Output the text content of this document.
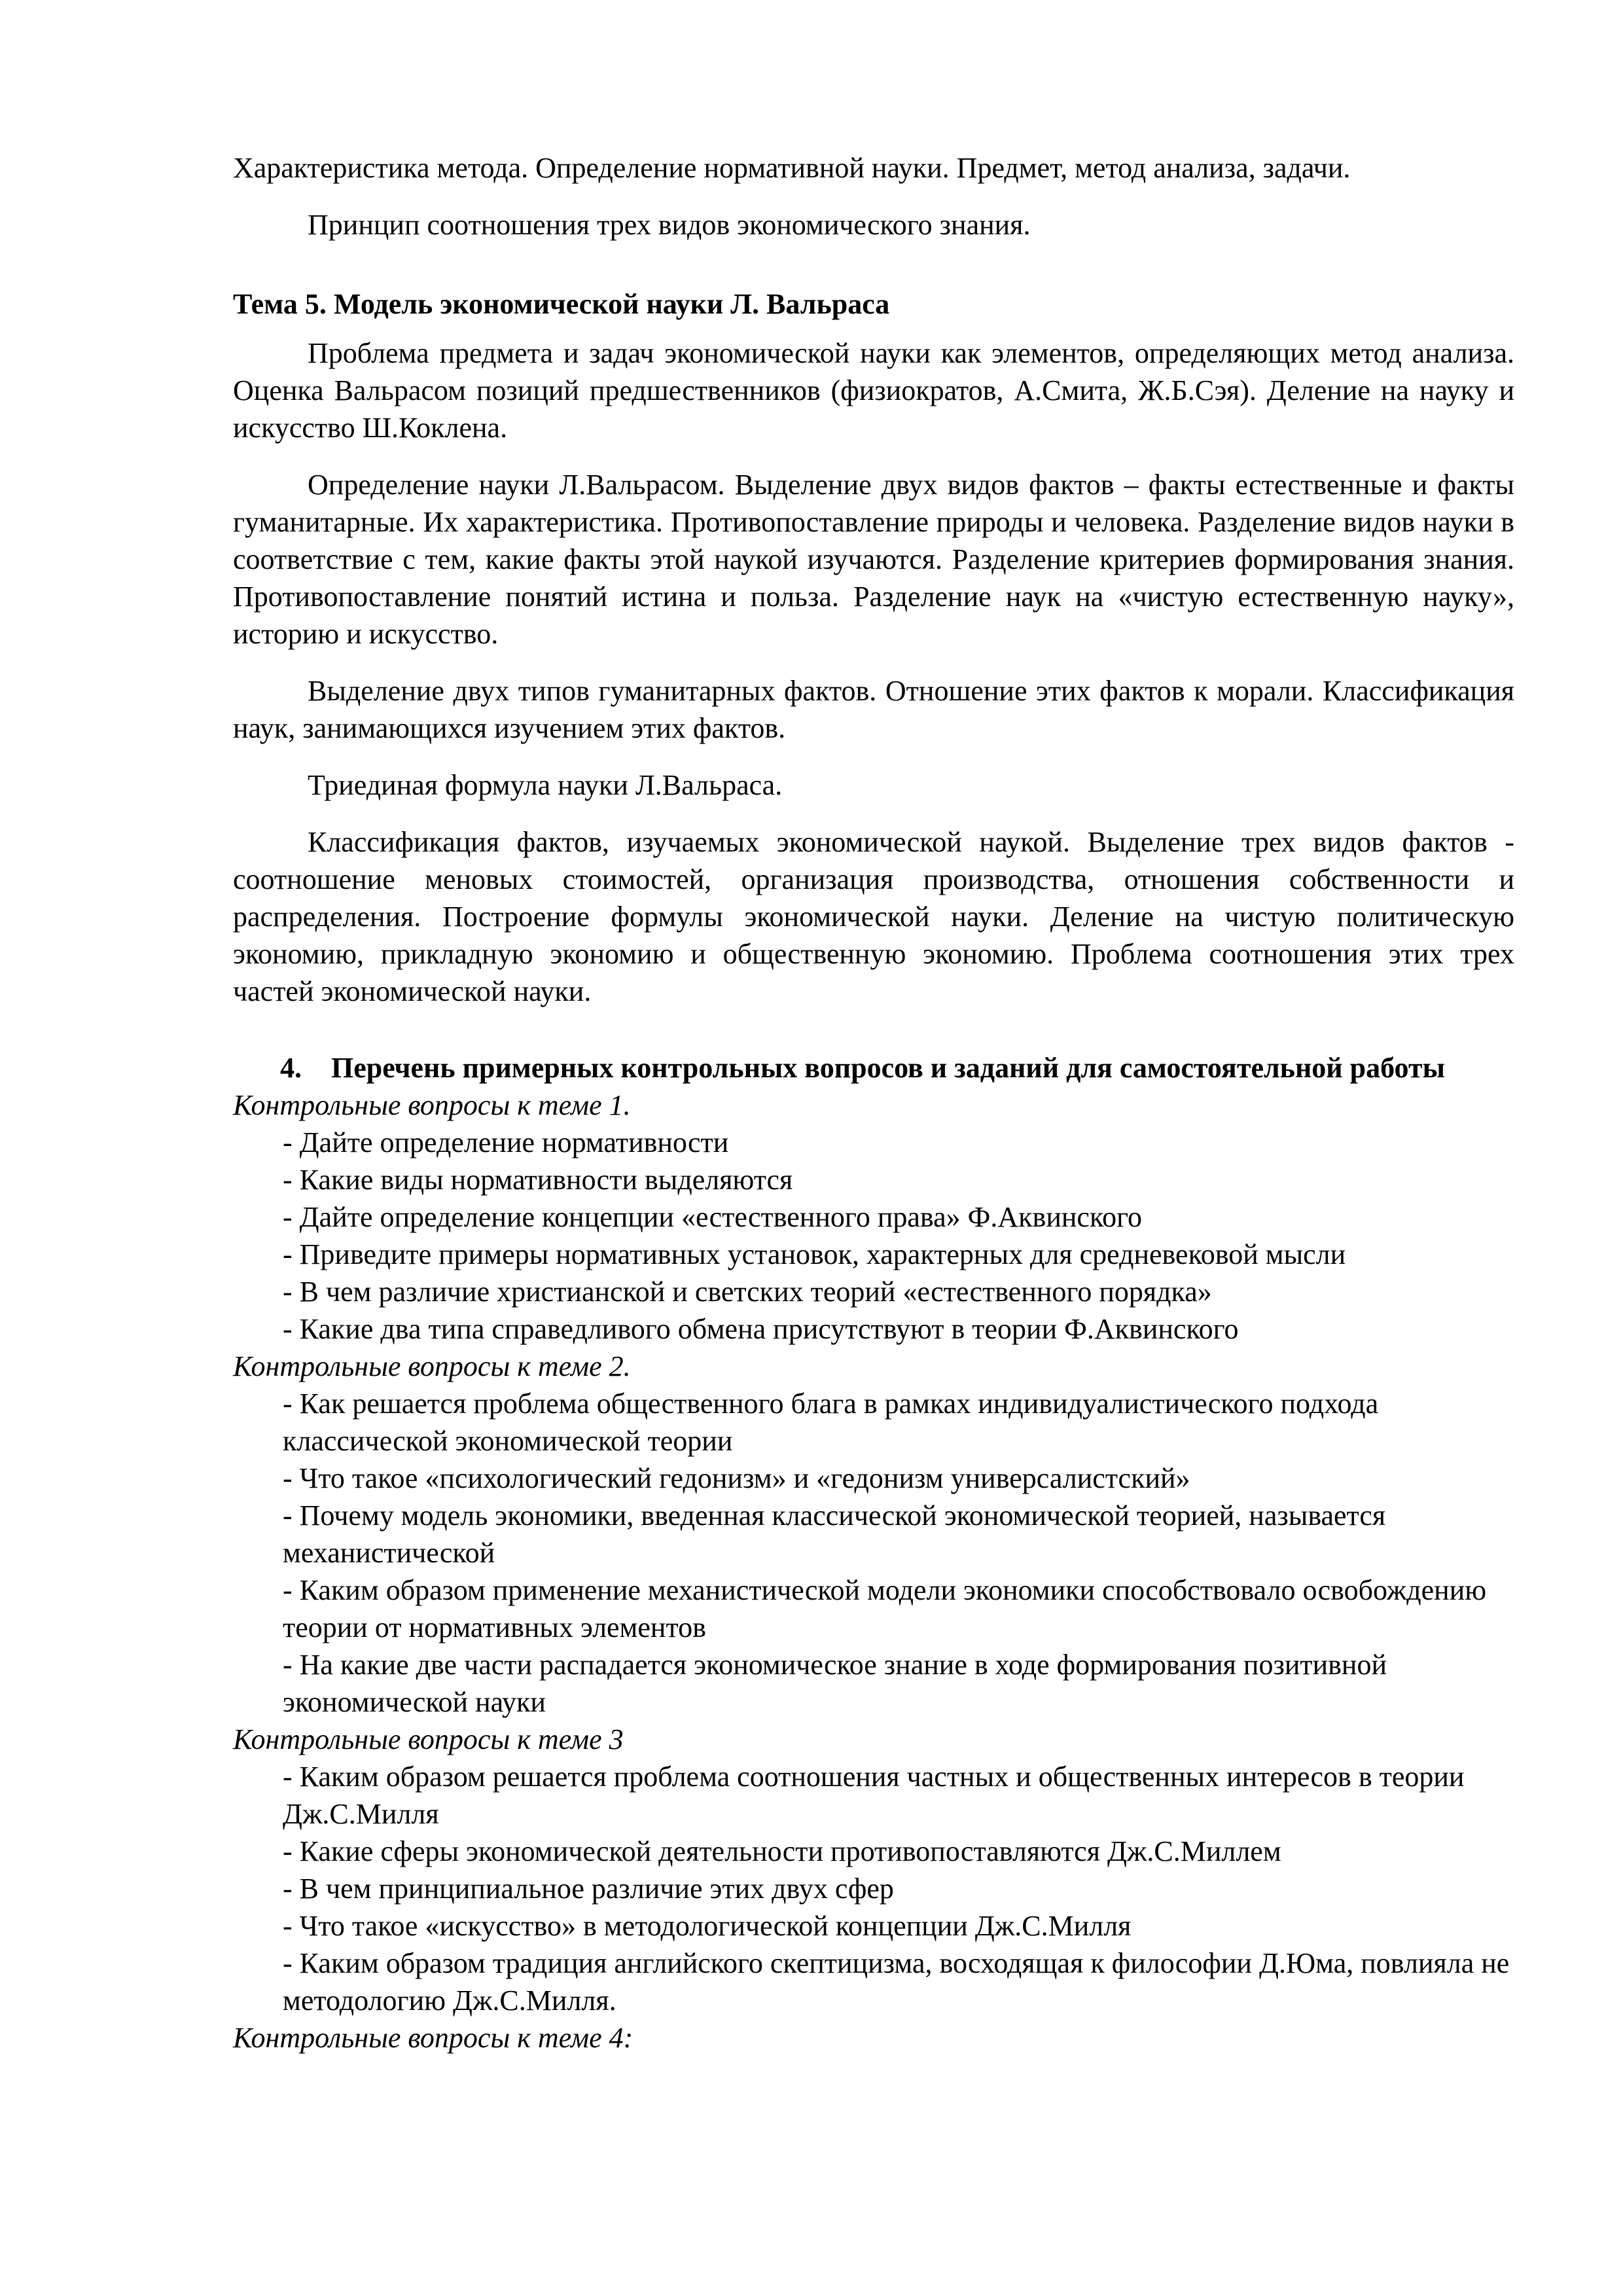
Характеристика метода. Определение нормативной науки. Предмет, метод анализа, задачи.

Принцип соотношения трех видов экономического знания.

Тема 5. Модель экономической науки Л. Вальраса

Проблема предмета и задач экономической науки как элементов, определяющих метод анализа. Оценка Вальрасом позиций предшественников (физиократов, А.Смита, Ж.Б.Сэя). Деление на науку и искусство Ш.Коклена.

Определение науки Л.Вальрасом. Выделение двух видов фактов – факты естественные и факты гуманитарные. Их характеристика. Противопоставление природы и человека. Разделение видов науки в соответствие с тем, какие факты этой наукой изучаются. Разделение критериев формирования знания. Противопоставление понятий истина и польза. Разделение наук на «чистую естественную науку», историю и искусство.

Выделение двух типов гуманитарных фактов. Отношение этих фактов к морали. Классификация наук, занимающихся изучением этих фактов.

Триединая формула науки Л.Вальраса.

Классификация фактов, изучаемых экономической наукой. Выделение трех видов фактов - соотношение меновых стоимостей, организация производства, отношения собственности и распределения. Построение формулы экономической науки. Деление на чистую политическую экономию, прикладную экономию и общественную экономию. Проблема соотношения этих трех частей экономической науки.

4. Перечень примерных контрольных вопросов и заданий для самостоятельной работы

Контрольные вопросы к теме 1.

- Дайте определение нормативности
- Какие виды нормативности выделяются
- Дайте определение концепции «естественного права» Ф.Аквинского
- Приведите примеры нормативных установок, характерных для средневековой мысли
- В чем различие христианской и светских теорий «естественного порядка»
- Какие два типа справедливого обмена присутствуют в теории Ф.Аквинского

Контрольные вопросы к теме 2.

- Как решается проблема общественного блага в рамках индивидуалистического подхода классической экономической теории
- Что такое «психологический гедонизм» и «гедонизм универсалистский»
- Почему модель экономики, введенная классической экономической теорией, называется механистической
- Каким образом применение механистической модели экономики способствовало освобождению теории от нормативных элементов
- На какие две части распадается экономическое знание в ходе формирования позитивной экономической науки

Контрольные вопросы к теме 3

- Каким образом решается проблема соотношения частных и общественных интересов в теории Дж.С.Милля
- Какие сферы экономической деятельности противопоставляются Дж.С.Миллем
- В чем принципиальное различие этих двух сфер
- Что такое «искусство» в методологической концепции Дж.С.Милля
- Каким образом традиция английского скептицизма, восходящая к философии Д.Юма, повлияла не методологию Дж.С.Милля.

Контрольные вопросы к теме 4:
